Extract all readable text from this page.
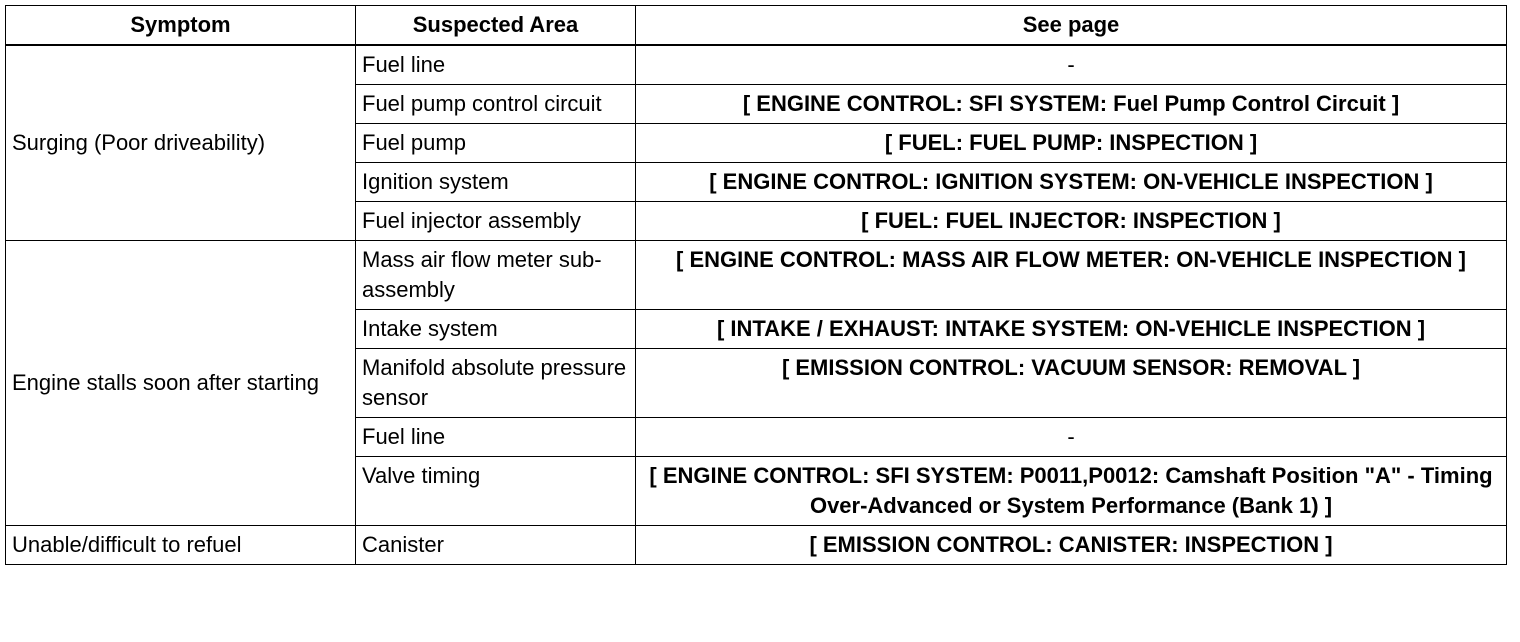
Symptom	Suspected Area	See page
Surging (Poor driveability)	Fuel line	-
	Fuel pump control circuit	[ ENGINE CONTROL: SFI SYSTEM: Fuel Pump Control Circuit ]
	Fuel pump	[ FUEL: FUEL PUMP: INSPECTION ]
	Ignition system	[ ENGINE CONTROL: IGNITION SYSTEM: ON-VEHICLE INSPECTION ]
	Fuel injector assembly	[ FUEL: FUEL INJECTOR: INSPECTION ]
Engine stalls soon after starting	Mass air flow meter sub-assembly	[ ENGINE CONTROL: MASS AIR FLOW METER: ON-VEHICLE INSPECTION ]
	Intake system	[ INTAKE / EXHAUST: INTAKE SYSTEM: ON-VEHICLE INSPECTION ]
	Manifold absolute pressure sensor	[ EMISSION CONTROL: VACUUM SENSOR: REMOVAL ]
	Fuel line	-
	Valve timing	[ ENGINE CONTROL: SFI SYSTEM: P0011,P0012: Camshaft Position "A" - Timing Over-Advanced or System Performance (Bank 1) ]
Unable/difficult to refuel	Canister	[ EMISSION CONTROL: CANISTER: INSPECTION ]
